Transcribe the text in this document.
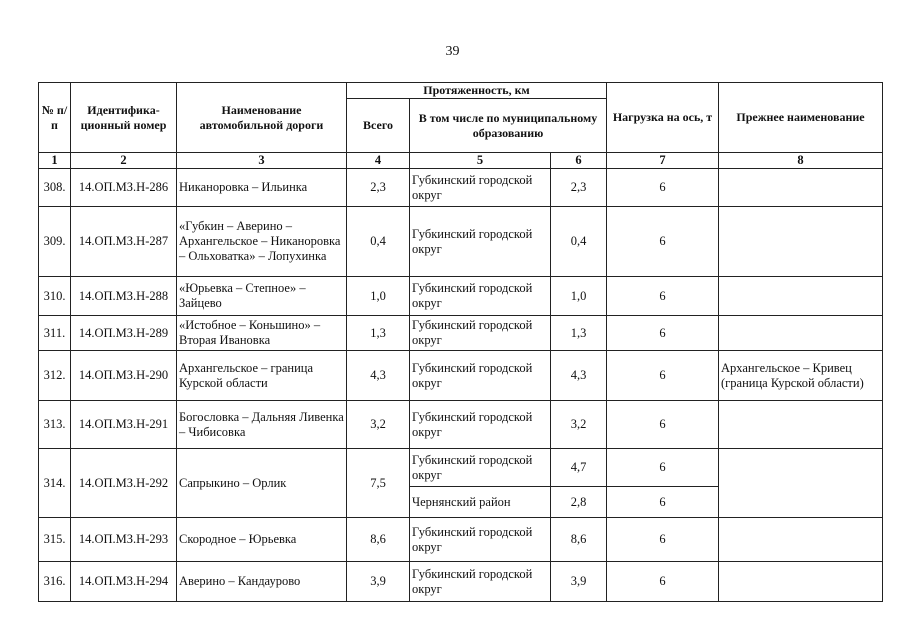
39
№ п/п	Идентифика- ционный номер	Наименование автомобильной дороги	Протяженность, км			Нагрузка на ось, т	Прежнее наименование
			Всего	В том числе по муниципальному образованию			
1	2	3	4	5	6	7	8
308.	14.ОП.МЗ.Н-286	Никаноровка – Ильинка	2,3	Губкинский городской округ	2,3	6	
309.	14.ОП.МЗ.Н-287	«Губкин – Аверино – Архангельское – Никаноровка – Ольховатка» – Лопухинка	0,4	Губкинский городской округ	0,4	6	
310.	14.ОП.МЗ.Н-288	«Юрьевка – Степное» – Зайцево	1,0	Губкинский городской округ	1,0	6	
311.	14.ОП.МЗ.Н-289	«Истобное – Коньшино» – Вторая Ивановка	1,3	Губкинский городской округ	1,3	6	
312.	14.ОП.МЗ.Н-290	Архангельское – граница Курской области	4,3	Губкинский городской округ	4,3	6	Архангельское – Кривец (граница Курской области)
313.	14.ОП.МЗ.Н-291	Богословка – Дальняя Ливенка – Чибисовка	3,2	Губкинский городской округ	3,2	6	
314.	14.ОП.МЗ.Н-292	Сапрыкино – Орлик	7,5	Губкинский городской округ	4,7	6	
				Чернянский район	2,8	6	
315.	14.ОП.МЗ.Н-293	Скородное – Юрьевка	8,6	Губкинский городской округ	8,6	6	
316.	14.ОП.МЗ.Н-294	Аверино – Кандаурово	3,9	Губкинский городской округ	3,9	6	
